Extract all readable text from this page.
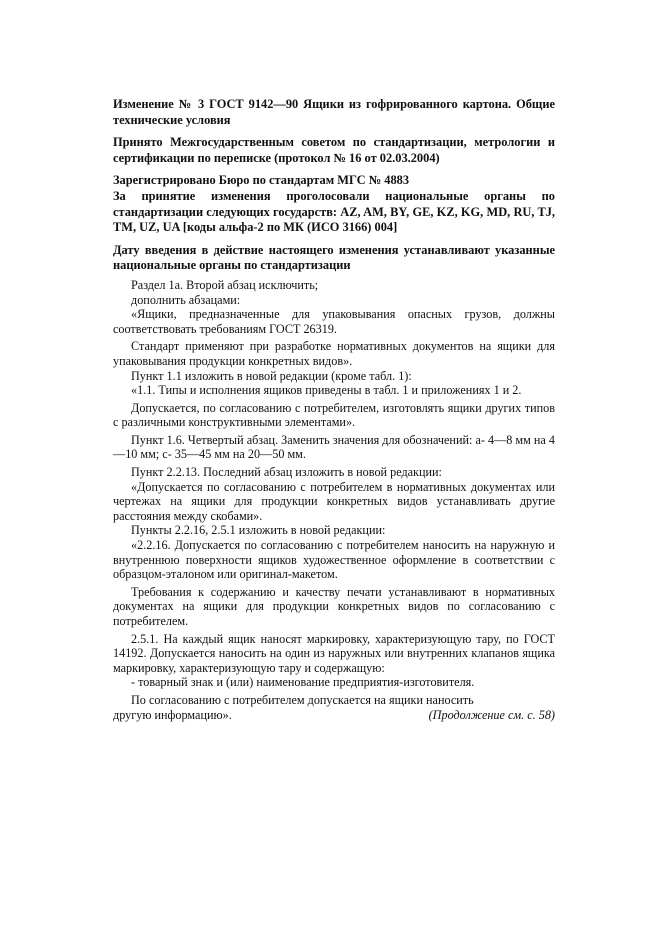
Изменение № 3 ГОСТ 9142—90 Ящики из гофрированного картона. Общие технические условия

Принято Межгосударственным советом по стандартизации, метрологии и сертификации по переписке (протокол № 16 от 02.03.2004)

Зарегистрировано Бюро по стандартам МГС № 4883

За принятие изменения проголосовали национальные органы по стандартизации следующих государств: AZ, AM, BY, GE, KZ, KG, MD, RU, TJ, TM, UZ, UA [коды альфа-2 по МК (ИСО 3166) 004]

Дату введения в действие настоящего изменения устанавливают указанные национальные органы по стандартизации

Раздел 1а. Второй абзац исключить;

дополнить абзацами:

«Ящики, предназначенные для упаковывания опасных грузов, должны соответствовать требованиям ГОСТ 26319.

Стандарт применяют при разработке нормативных документов на ящики для упаковывания продукции конкретных видов».

Пункт 1.1 изложить в новой редакции (кроме табл. 1):

«1.1. Типы и исполнения ящиков приведены в табл. 1 и приложениях 1 и 2.

Допускается, по согласованию с потребителем, изготовлять ящики других типов с различными конструктивными элементами».

Пункт 1.6. Четвертый абзац. Заменить значения для обозначений: а- 4—8 мм на 4—10 мм; с- 35—45 мм на 20—50 мм.

Пункт 2.2.13. Последний абзац изложить в новой редакции:

«Допускается по согласованию с потребителем в нормативных документах или чертежах на ящики для продукции конкретных видов устанавливать другие расстояния между скобами».

Пункты 2.2.16, 2.5.1 изложить в новой редакции:

«2.2.16. Допускается по согласованию с потребителем наносить на наружную и внутреннюю поверхности ящиков художественное оформление в соответствии с образцом-эталоном или оригинал-макетом.

Требования к содержанию и качеству печати устанавливают в нормативных документах на ящики для продукции конкретных видов по согласованию с потребителем.

2.5.1. На каждый ящик наносят маркировку, характеризующую тару, по ГОСТ 14192. Допускается наносить на один из наружных или внутренних клапанов ящика маркировку, характеризующую тару и содержащую:

- товарный знак и (или) наименование предприятия-изготовителя.

По согласованию с потребителем допускается на ящики наносить

другую информацию».	(Продолжение см. с. 58)
